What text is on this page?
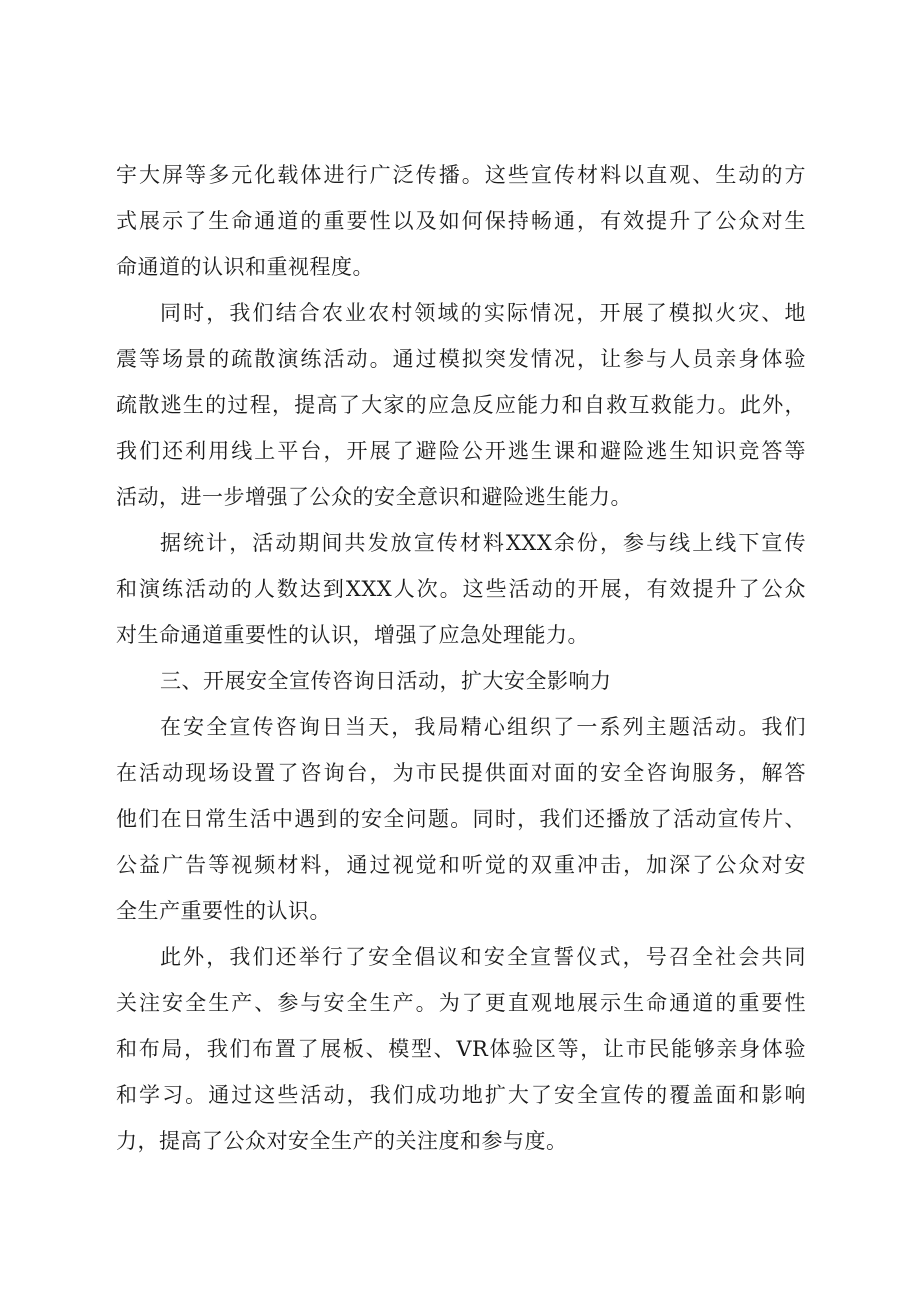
宇大屏等多元化载体进行广泛传播。这些宣传材料以直观、生动的方
式展示了生命通道的重要性以及如何保持畅通，有效提升了公众对生
命通道的认识和重视程度。
同时，我们结合农业农村领域的实际情况，开展了模拟火灾、地
震等场景的疏散演练活动。通过模拟突发情况，让参与人员亲身体验
疏散逃生的过程，提高了大家的应急反应能力和自救互救能力。此外，
我们还利用线上平台，开展了避险公开逃生课和避险逃生知识竞答等
活动，进一步增强了公众的安全意识和避险逃生能力。
据统计，活动期间共发放宣传材料XXX余份，参与线上线下宣传
和演练活动的人数达到XXX人次。这些活动的开展，有效提升了公众
对生命通道重要性的认识，增强了应急处理能力。
三、开展安全宣传咨询日活动，扩大安全影响力
在安全宣传咨询日当天，我局精心组织了一系列主题活动。我们
在活动现场设置了咨询台，为市民提供面对面的安全咨询服务，解答
他们在日常生活中遇到的安全问题。同时，我们还播放了活动宣传片、
公益广告等视频材料，通过视觉和听觉的双重冲击，加深了公众对安
全生产重要性的认识。
此外，我们还举行了安全倡议和安全宣誓仪式，号召全社会共同
关注安全生产、参与安全生产。为了更直观地展示生命通道的重要性
和布局，我们布置了展板、模型、VR体验区等，让市民能够亲身体验
和学习。通过这些活动，我们成功地扩大了安全宣传的覆盖面和影响
力，提高了公众对安全生产的关注度和参与度。
